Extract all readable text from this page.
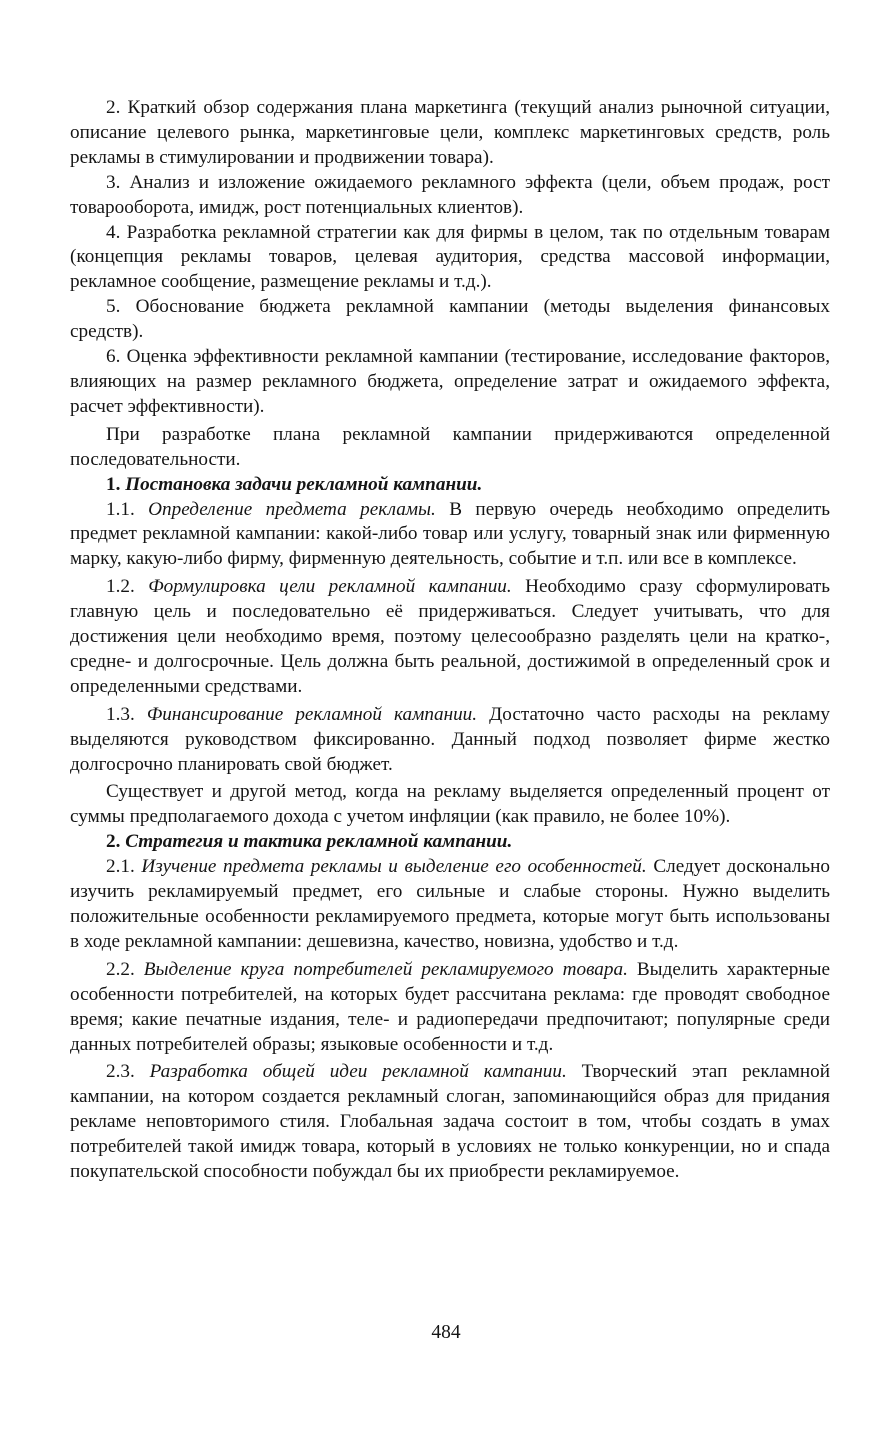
2. Краткий обзор содержания плана маркетинга (текущий анализ рыночной ситуации, описание целевого рынка, маркетинговые цели, комплекс маркетинговых средств, роль рекламы в стимулировании и продвижении товара).

3. Анализ и изложение ожидаемого рекламного эффекта (цели, объем продаж, рост товарооборота, имидж, рост потенциальных клиентов).

4. Разработка рекламной стратегии как для фирмы в целом, так по отдельным товарам (концепция рекламы товаров, целевая аудитория, средства массовой информации, рекламное сообщение, размещение рекламы и т.д.).

5. Обоснование бюджета рекламной кампании (методы выделения финансовых средств).

6. Оценка эффективности рекламной кампании (тестирование, исследование факторов, влияющих на размер рекламного бюджета, определение затрат и ожидаемого эффекта, расчет эффективности).

При разработке плана рекламной кампании придерживаются определенной последовательности.

1. Постановка задачи рекламной кампании.

1.1. Определение предмета рекламы. В первую очередь необходимо определить предмет рекламной кампании: какой-либо товар или услугу, товарный знак или фирменную марку, какую-либо фирму, фирменную деятельность, событие и т.п. или все в комплексе.

1.2. Формулировка цели рекламной кампании. Необходимо сразу сформулировать главную цель и последовательно её придерживаться. Следует учитывать, что для достижения цели необходимо время, поэтому целесообразно разделять цели на кратко-, средне- и долгосрочные. Цель должна быть реальной, достижимой в определенный срок и определенными средствами.

1.3. Финансирование рекламной кампании. Достаточно часто расходы на рекламу выделяются руководством фиксированно. Данный подход позволяет фирме жестко долгосрочно планировать свой бюджет.

Существует и другой метод, когда на рекламу выделяется определенный процент от суммы предполагаемого дохода с учетом инфляции (как правило, не более 10%).

2. Стратегия и тактика рекламной кампании.

2.1. Изучение предмета рекламы и выделение его особенностей. Следует досконально изучить рекламируемый предмет, его сильные и слабые стороны. Нужно выделить положительные особенности рекламируемого предмета, которые могут быть использованы в ходе рекламной кампании: дешевизна, качество, новизна, удобство и т.д.

2.2. Выделение круга потребителей рекламируемого товара. Выделить характерные особенности потребителей, на которых будет рассчитана реклама: где проводят свободное время; какие печатные издания, теле- и радиопередачи предпочитают; популярные среди данных потребителей образы; языковые особенности и т.д.

2.3. Разработка общей идеи рекламной кампании. Творческий этап рекламной кампании, на котором создается рекламный слоган, запоминающийся образ для придания рекламе неповторимого стиля. Глобальная задача состоит в том, чтобы создать в умах потребителей такой имидж товара, который в условиях не только конкуренции, но и спада покупательской способности побуждал бы их приобрести рекламируемое.

484
